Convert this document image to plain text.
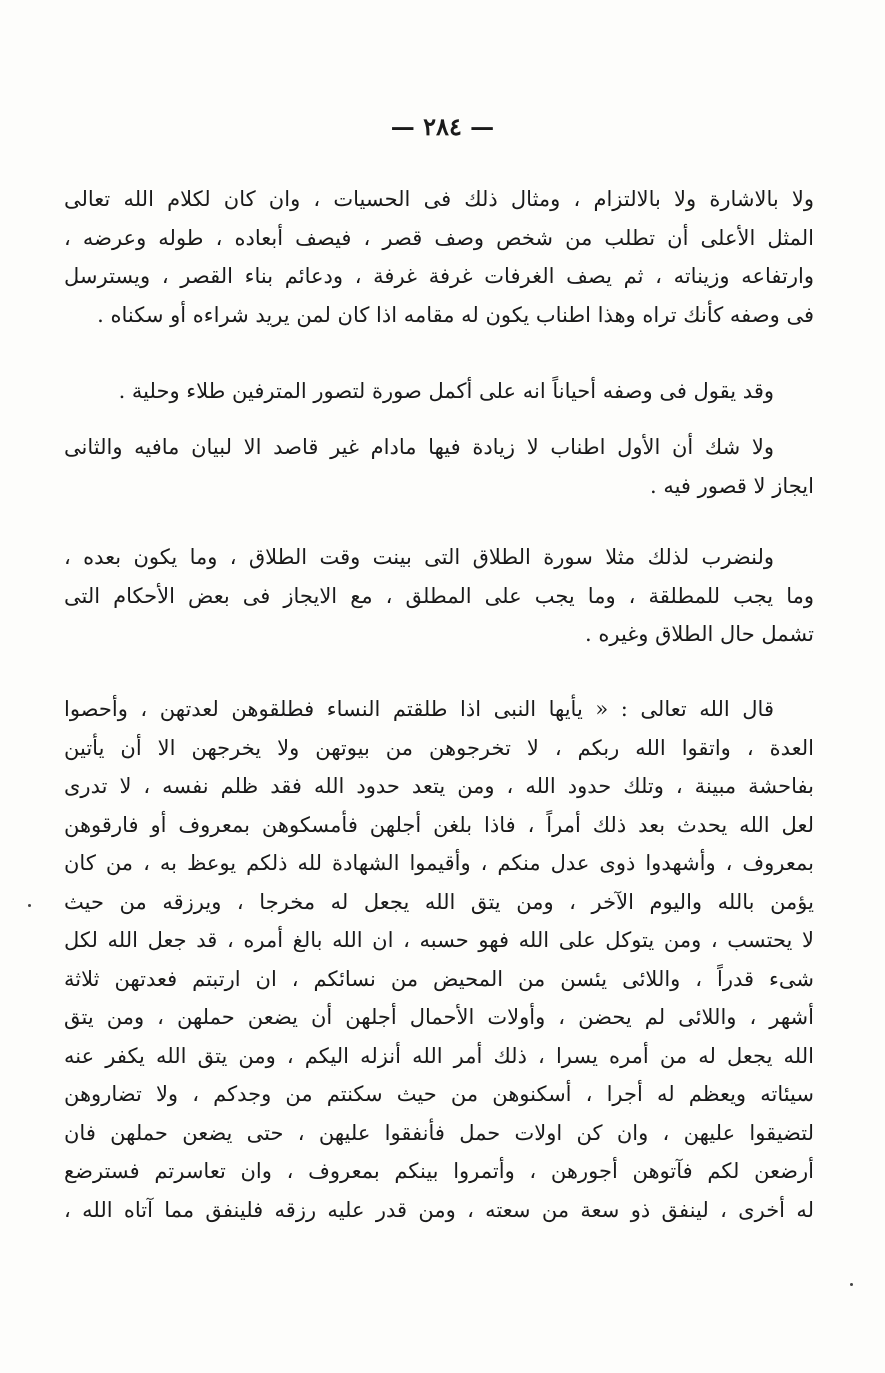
— ٢٨٤ —
ولا بالاشارة ولا بالالتزام ، ومثال ذلك فى الحسيات ، وان كان لكلام الله تعالى
المثل الأعلى أن تطلب من شخص وصف قصر ، فيصف أبعاده ، طوله وعرضه ،
وارتفاعه وزيناته ، ثم يصف الغرفات غرفة غرفة ، ودعائم بناء القصر ، ويسترسل
فى وصفه كأنك تراه وهذا اطناب يكون له مقامه اذا كان لمن يريد شراءه أو سكناه .
وقد يقول فى وصفه أحياناً انه على أكمل صورة لتصور المترفين طلاء وحلية .
ولا شك أن الأول اطناب لا زيادة فيها مادام غير قاصد الا لبيان مافيه والثانى
ايجاز لا قصور فيه .
ولنضرب لذلك مثلا سورة الطلاق التى بينت وقت الطلاق ، وما يكون بعده ،
وما يجب للمطلقة ، وما يجب على المطلق ، مع الايجاز فى بعض الأحكام التى
تشمل حال الطلاق وغيره .
قال الله تعالى : « يأيها النبى اذا طلقتم النساء فطلقوهن لعدتهن ، وأحصوا
العدة ، واتقوا الله ربكم ، لا تخرجوهن من بيوتهن ولا يخرجهن الا أن يأتين
بفاحشة مبينة ، وتلك حدود الله ، ومن يتعد حدود الله فقد ظلم نفسه ، لا تدرى
لعل الله يحدث بعد ذلك أمراً ، فاذا بلغن أجلهن فأمسكوهن بمعروف أو فارقوهن
بمعروف ، وأشهدوا ذوى عدل منكم ، وأقيموا الشهادة لله ذلكم يوعظ به ، من كان
يؤمن بالله واليوم الآخر ، ومن يتق الله يجعل له مخرجا ، ويرزقه من حيث
لا يحتسب ، ومن يتوكل على الله فهو حسبه ، ان الله بالغ أمره ، قد جعل الله لكل
شىء قدراً ، واللائى يئسن من المحيض من نسائكم ، ان ارتبتم فعدتهن ثلاثة
أشهر ، واللائى لم يحضن ، وأولات الأحمال أجلهن أن يضعن حملهن ، ومن يتق
الله يجعل له من أمره يسرا ، ذلك أمر الله أنزله اليكم ، ومن يتق الله يكفر عنه
سيئاته ويعظم له أجرا ، أسكنوهن من حيث سكنتم من وجدكم ، ولا تضاروهن
لتضيقوا عليهن ، وان كن اولات حمل فأنفقوا عليهن ، حتى يضعن حملهن فان
أرضعن لكم فآتوهن أجورهن ، وأتمروا بينكم بمعروف ، وان تعاسرتم فسترضع
له أخرى ، لينفق ذو سعة من سعته ، ومن قدر عليه رزقه فلينفق مما آتاه الله ،
